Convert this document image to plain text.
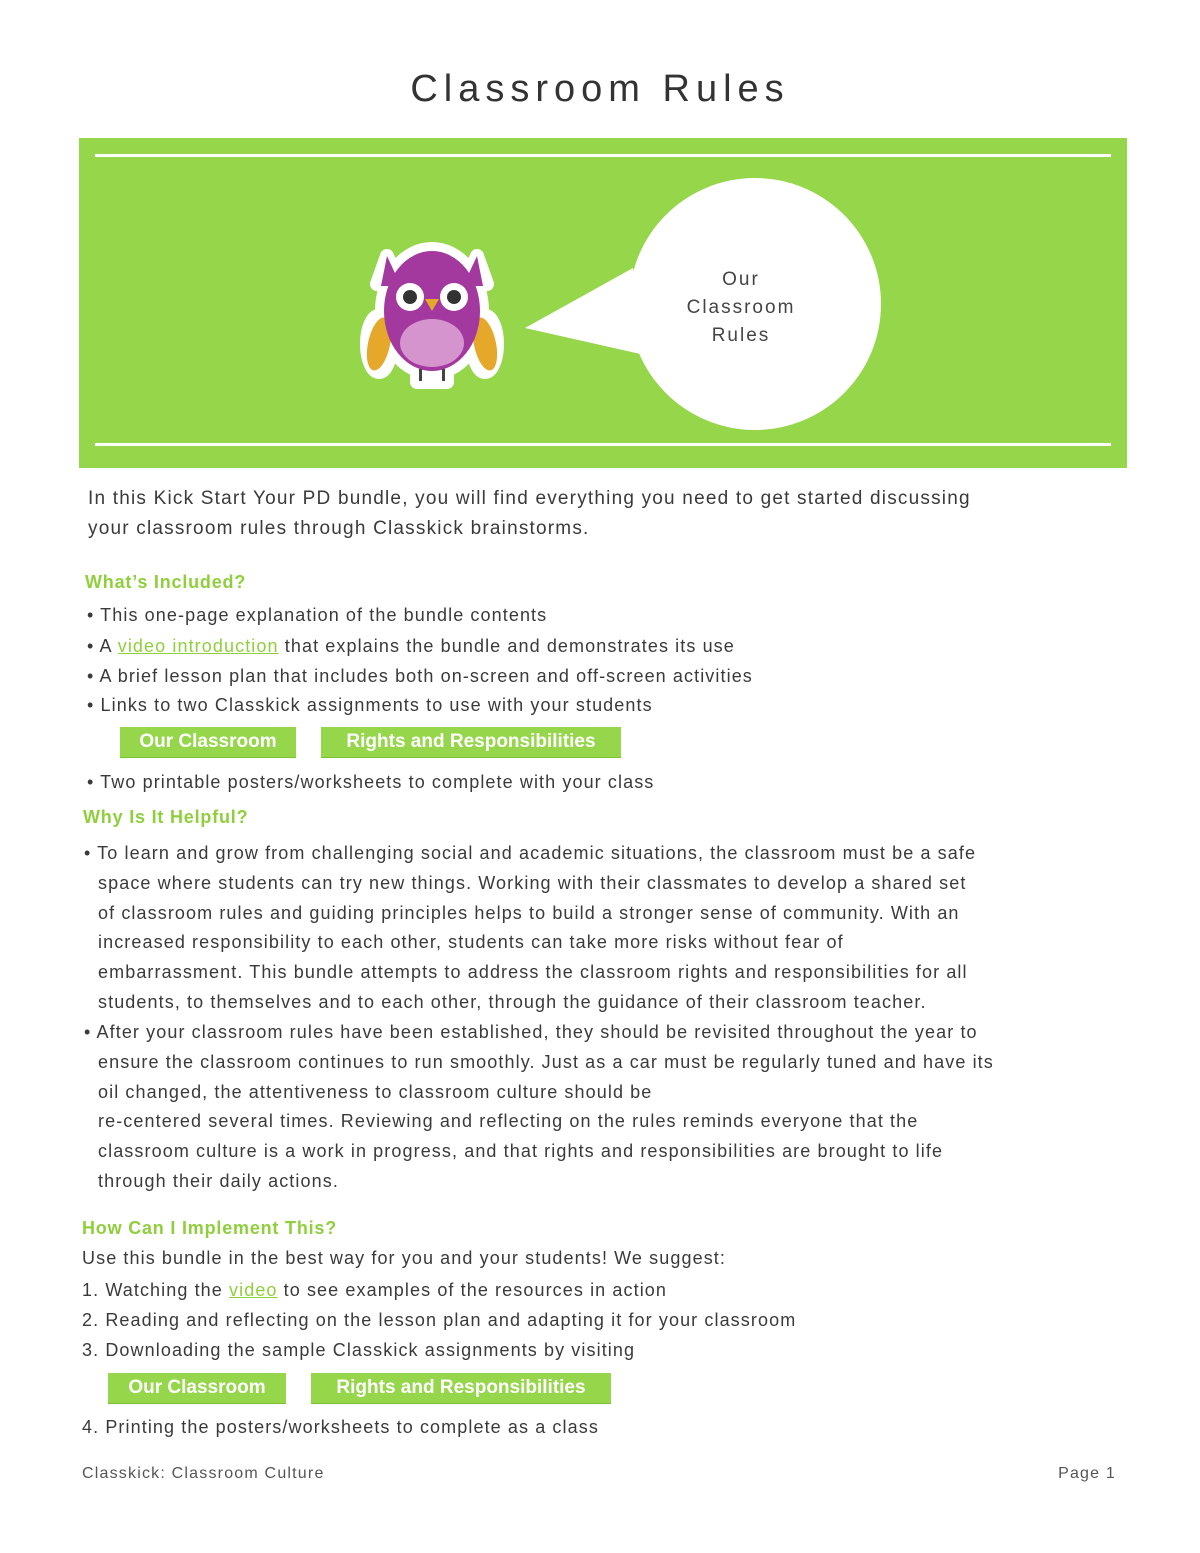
Classroom Rules
Our
Classroom
Rules
In this Kick Start Your PD bundle, you will find everything you need to get started discussing
your classroom rules through Classkick brainstorms.
What’s Included?
• This one-page explanation of the bundle contents
• A video introduction that explains the bundle and demonstrates its use
• A brief lesson plan that includes both on-screen and off-screen activities
• Links to two Classkick assignments to use with your students
Our Classroom	Rights and Responsibilities
• Two printable posters/worksheets to complete with your class
Why Is It Helpful?
• To learn and grow from challenging social and academic situations, the classroom must be a safe
space where students can try new things. Working with their classmates to develop a shared set
of classroom rules and guiding principles helps to build a stronger sense of community. With an
increased responsibility to each other, students can take more risks without fear of
embarrassment. This bundle attempts to address the classroom rights and responsibilities for all
students, to themselves and to each other, through the guidance of their classroom teacher.
• After your classroom rules have been established, they should be revisited throughout the year to
ensure the classroom continues to run smoothly. Just as a car must be regularly tuned and have its
oil changed, the attentiveness to classroom culture should be
re-centered several times. Reviewing and reflecting on the rules reminds everyone that the
classroom culture is a work in progress, and that rights and responsibilities are brought to life
through their daily actions.
How Can I Implement This?
Use this bundle in the best way for you and your students! We suggest:
1. Watching the video to see examples of the resources in action
2. Reading and reflecting on the lesson plan and adapting it for your classroom
3. Downloading the sample Classkick assignments by visiting
Our Classroom	Rights and Responsibilities
4. Printing the posters/worksheets to complete as a class
Classkick: Classroom Culture	Page 1
